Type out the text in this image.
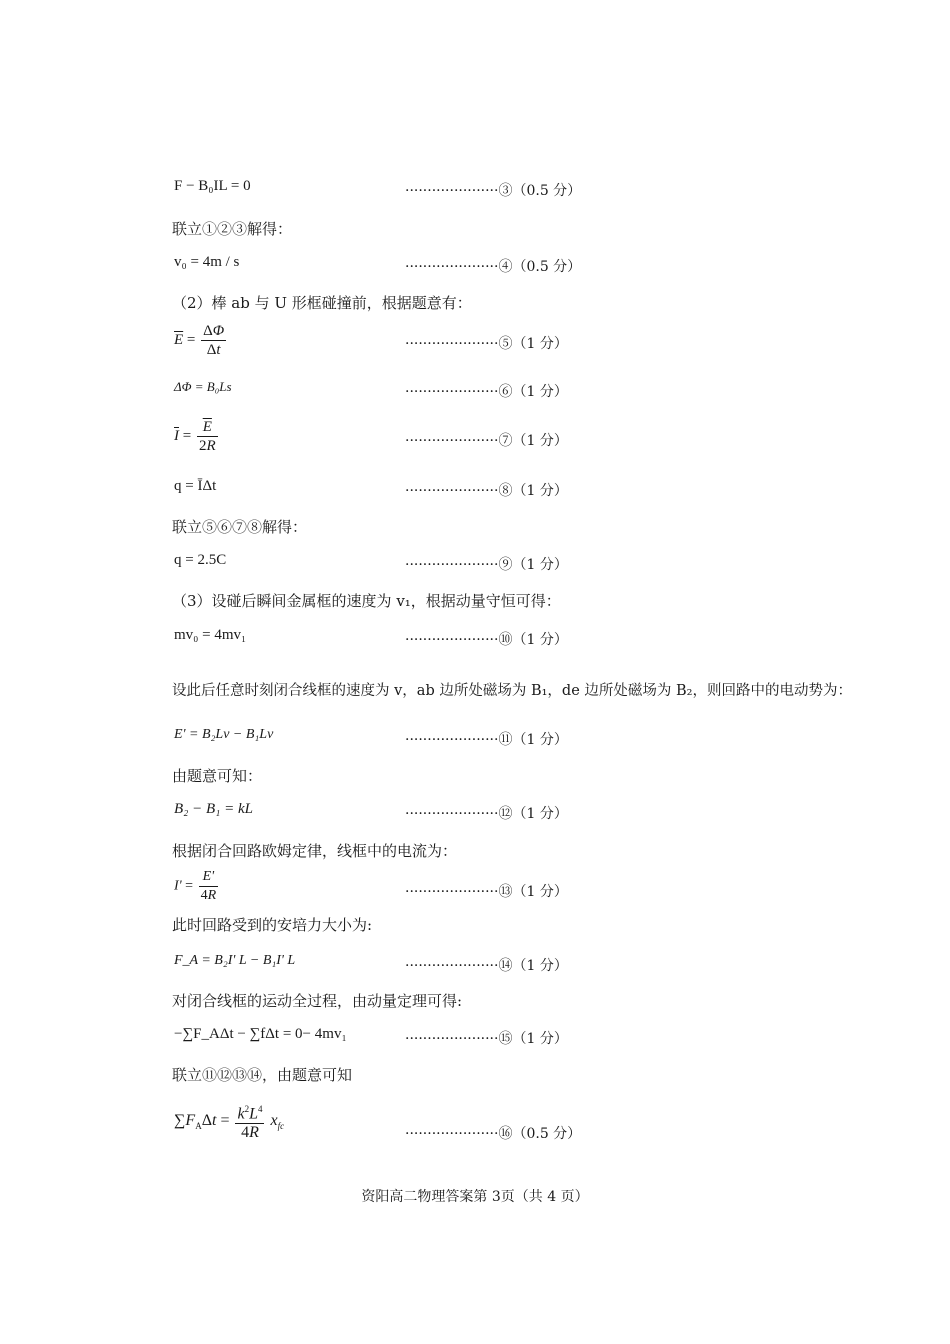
F − B₀IL = 0	·····················③（0.5 分）
联立①②③解得：
v₀ = 4m / s	·····················④（0.5 分）
（2）棒 ab 与 U 形框碰撞前，根据题意有：
$\overline{E} = \frac{\Delta\Phi}{\Delta t}$	·····················⑤（1 分）
ΔΦ = B₀Ls	·····················⑥（1 分）
$\overline{I} = \frac{\overline{E}}{2R}$	·····················⑦（1 分）
q = ĪΔt	·····················⑧（1 分）
联立⑤⑥⑦⑧解得：
q = 2.5C	·····················⑨（1 分）
（3）设碰后瞬间金属框的速度为 v₁，根据动量守恒可得：
mv₀ = 4mv₁	·····················⑩（1 分）
设此后任意时刻闭合线框的速度为 v，ab 边所处磁场为 B₁，de 边所处磁场为 B₂，则回路中的电动势为：
E' = B₂Lv − B₁Lv	·····················⑪（1 分）
由题意可知：
B₂ − B₁ = kL	·····················⑫（1 分）
根据闭合回路欧姆定律，线框中的电流为：
$I' = \frac{E'}{4R}$	·····················⑬（1 分）
此时回路受到的安培力大小为:
F_A = B₂I' L − B₁I' L	·····················⑭（1 分）
对闭合线框的运动全过程，由动量定理可得:
−∑F_AΔt − ∑fΔt = 0− 4mv₁	·····················⑮（1 分）
联立⑪⑫⑬⑭，由题意可知
$\sum F_A\Delta t = \frac{k^2L^4}{4R} x_{fc}$	·····················⑯（0.5 分）
资阳高二物理答案第 3页（共 4 页）
